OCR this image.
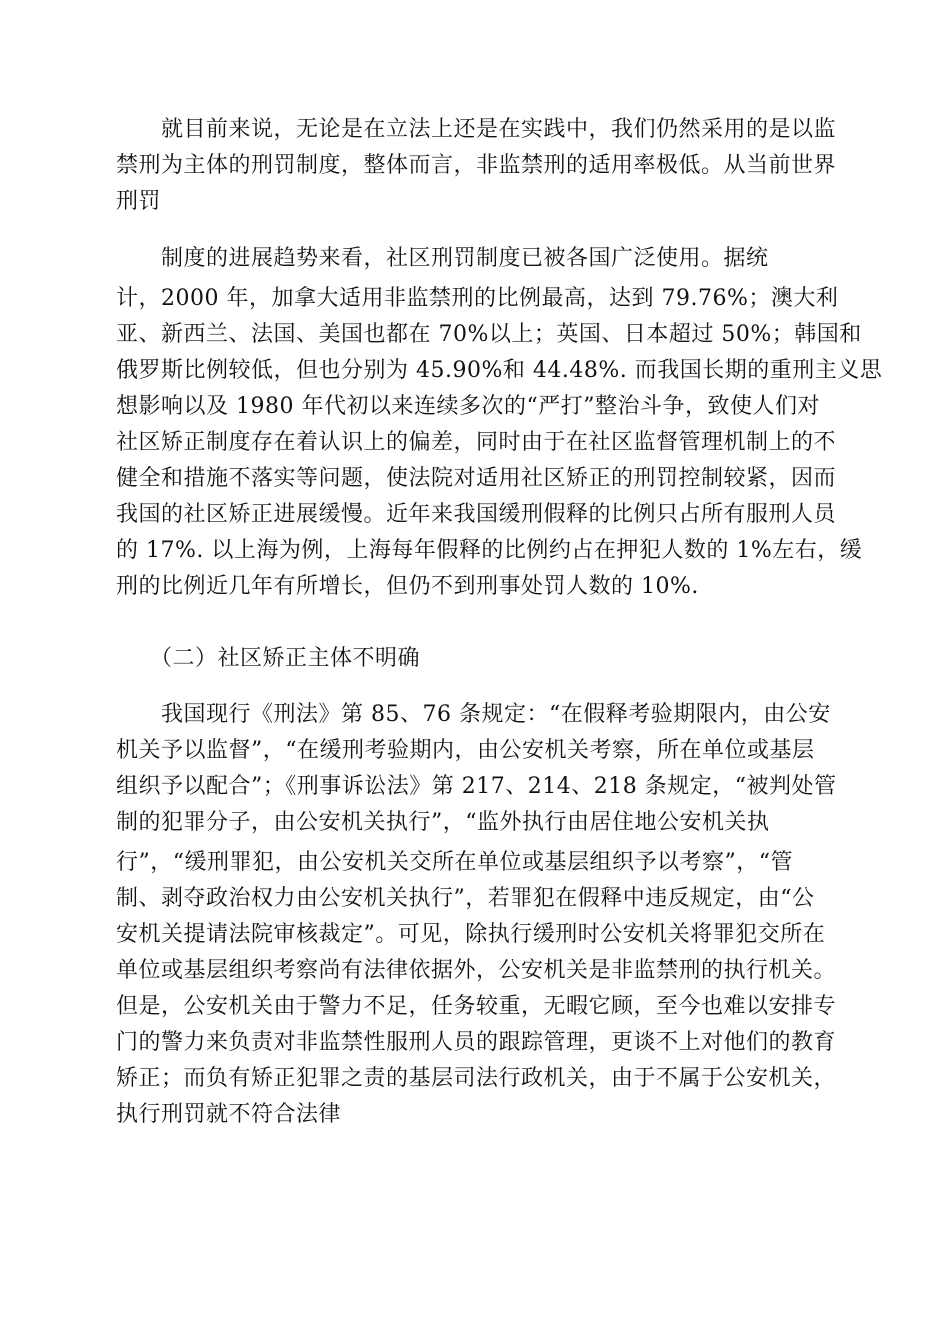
　　就目前来说，无论是在立法上还是在实践中，我们仍然采用的是以监
禁刑为主体的刑罚制度，整体而言，非监禁刑的适用率极低。从当前世界
刑罚
　　制度的进展趋势来看，社区刑罚制度已被各国广泛使用。据统
计，2000 年，加拿大适用非监禁刑的比例最高，达到 79.76%；澳大利
亚、新西兰、法国、美国也都在 70%以上；英国、日本超过 50%；韩国和
俄罗斯比例较低，但也分别为 45.90%和 44.48%. 而我国长期的重刑主义思
想影响以及 1980 年代初以来连续多次的“严打”整治斗争，致使人们对
社区矫正制度存在着认识上的偏差，同时由于在社区监督管理机制上的不
健全和措施不落实等问题，使法院对适用社区矫正的刑罚控制较紧，因而
我国的社区矫正进展缓慢。近年来我国缓刑假释的比例只占所有服刑人员
的 17%. 以上海为例，上海每年假释的比例约占在押犯人数的 1%左右，缓
刑的比例近几年有所增长，但仍不到刑事处罚人数的 10%.
　　（二）社区矫正主体不明确
　　我国现行《刑法》第 85、76 条规定：“在假释考验期限内，由公安
机关予以监督”，“在缓刑考验期内，由公安机关考察，所在单位或基层
组织予以配合”；《刑事诉讼法》第 217、214、218 条规定，“被判处管
制的犯罪分子，由公安机关执行”，“监外执行由居住地公安机关执
行”，“缓刑罪犯，由公安机关交所在单位或基层组织予以考察”，“管
制、剥夺政治权力由公安机关执行”，若罪犯在假释中违反规定，由“公
安机关提请法院审核裁定”。可见，除执行缓刑时公安机关将罪犯交所在
单位或基层组织考察尚有法律依据外，公安机关是非监禁刑的执行机关。
但是，公安机关由于警力不足，任务较重，无暇它顾，至今也难以安排专
门的警力来负责对非监禁性服刑人员的跟踪管理，更谈不上对他们的教育
矫正；而负有矫正犯罪之责的基层司法行政机关，由于不属于公安机关，
执行刑罚就不符合法律
